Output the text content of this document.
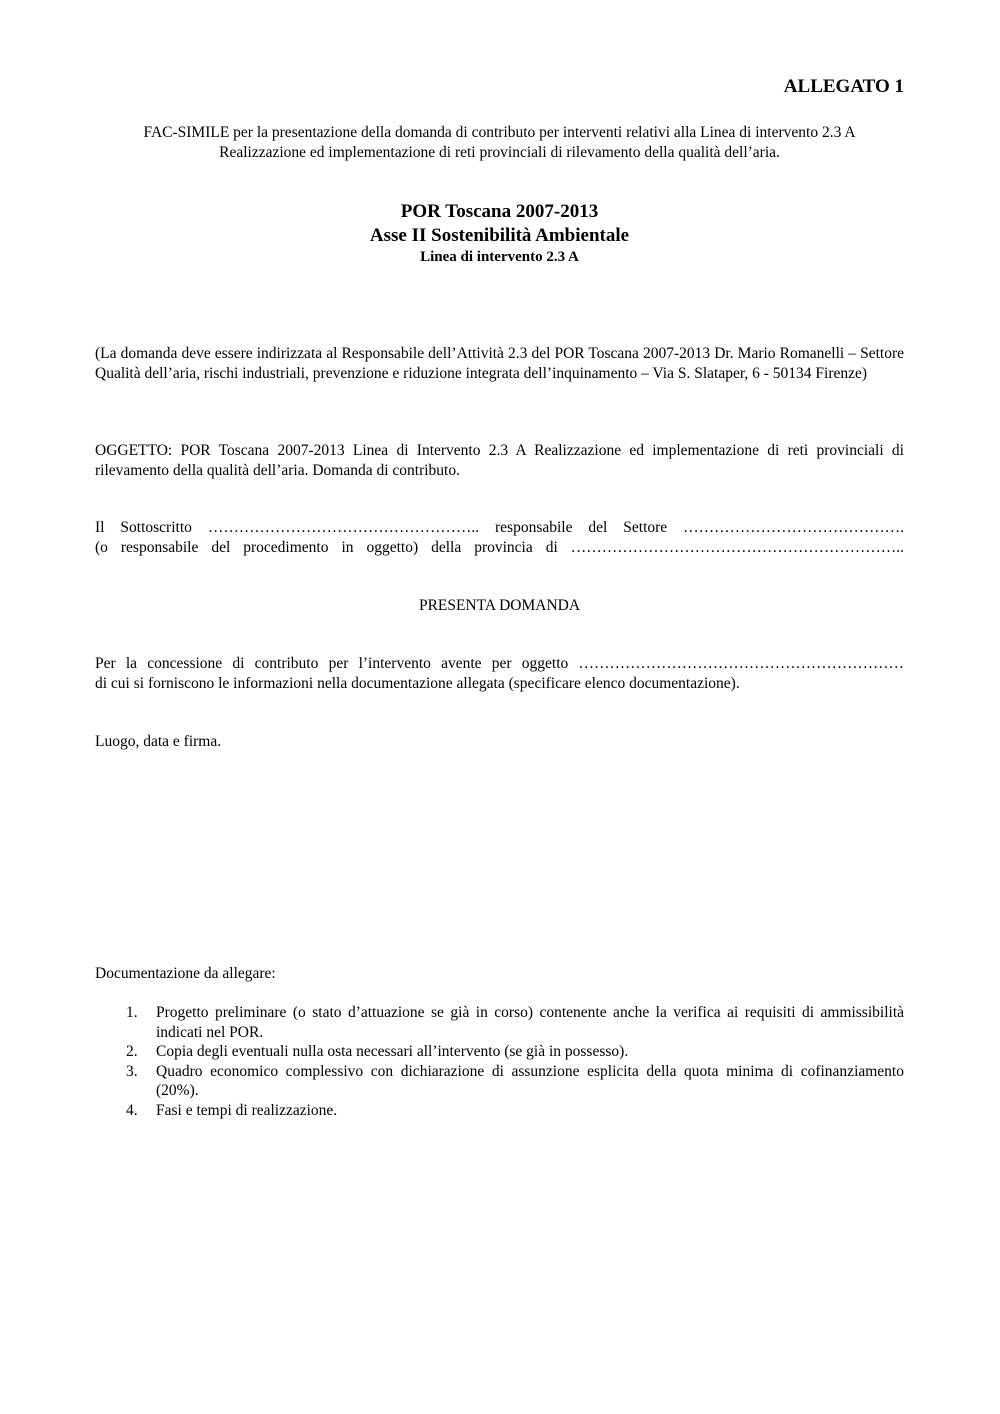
ALLEGATO 1
FAC-SIMILE per la presentazione della domanda di contributo per interventi relativi alla Linea di intervento 2.3 A
Realizzazione ed implementazione di reti provinciali di rilevamento della qualità dell’aria.
POR Toscana 2007-2013
Asse II Sostenibilità Ambientale
Linea di intervento 2.3 A
(La domanda deve essere indirizzata al Responsabile dell’Attività 2.3 del POR Toscana 2007-2013 Dr. Mario Romanelli – Settore Qualità dell’aria, rischi industriali, prevenzione e riduzione integrata dell’inquinamento – Via S. Slataper, 6 - 50134 Firenze)
OGGETTO: POR Toscana 2007-2013 Linea di Intervento 2.3 A Realizzazione ed implementazione di reti provinciali di rilevamento della qualità dell’aria. Domanda di contributo.
Il Sottoscritto …………………………………………….. responsabile del Settore …………………………………….
(o responsabile del procedimento in oggetto) della provincia di ………………………………………………………..
PRESENTA DOMANDA
Per la concessione di contributo per l’intervento avente per oggetto ………………………………………………………
di cui si forniscono le informazioni nella documentazione allegata (specificare elenco documentazione).
Luogo, data e firma.
Documentazione da allegare:
1. Progetto preliminare (o stato d’attuazione se già in corso) contenente anche la verifica ai requisiti di ammissibilità indicati nel POR.
2. Copia degli eventuali nulla osta necessari all’intervento (se già in possesso).
3. Quadro economico complessivo con dichiarazione di assunzione esplicita della quota minima di cofinanziamento (20%).
4. Fasi e tempi di realizzazione.
